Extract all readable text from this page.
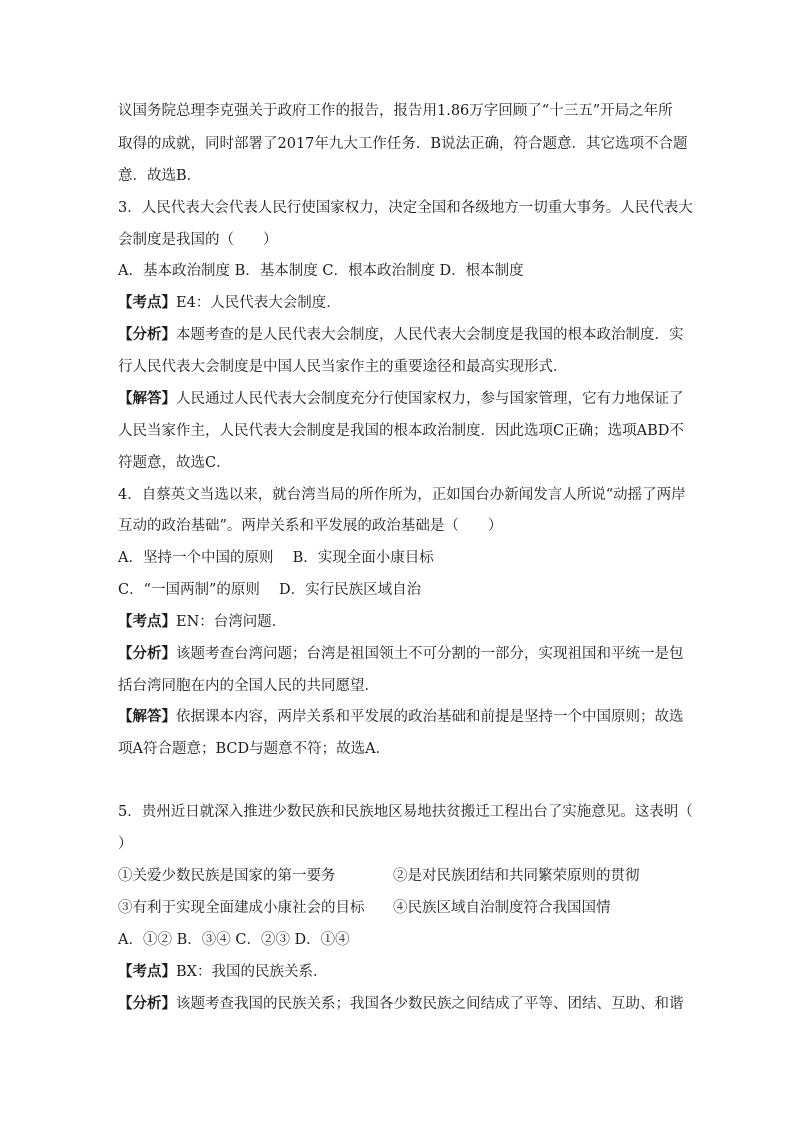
议国务院总理李克强关于政府工作的报告，报告用1.86万字回顾了“十三五”开局之年所
取得的成就，同时部署了2017年九大工作任务．B说法正确，符合题意．其它选项不合题
意．故选B．
3．人民代表大会代表人民行使国家权力，决定全国和各级地方一切重大事务。人民代表大
会制度是我国的（　　）
A．基本政治制度 B．基本制度 C．根本政治制度 D．根本制度
【考点】E4：人民代表大会制度．
【分析】本题考查的是人民代表大会制度，人民代表大会制度是我国的根本政治制度．实
行人民代表大会制度是中国人民当家作主的重要途径和最高实现形式．
【解答】人民通过人民代表大会制度充分行使国家权力，参与国家管理，它有力地保证了
人民当家作主，人民代表大会制度是我国的根本政治制度．因此选项C正确；选项ABD不
符题意，故选C．
4．自蔡英文当选以来，就台湾当局的所作所为，正如国台办新闻发言人所说“动摇了两岸
互动的政治基础”。两岸关系和平发展的政治基础是（　　）
A．坚持一个中国的原则　 B．实现全面小康目标
C．“一国两制”的原则　 D．实行民族区域自治
【考点】EN：台湾问题．
【分析】该题考查台湾问题；台湾是祖国领土不可分割的一部分，实现祖国和平统一是包
括台湾同胞在内的全国人民的共同愿望．
【解答】依据课本内容，两岸关系和平发展的政治基础和前提是坚持一个中国原则；故选
项A符合题意；BCD与题意不符；故选A．
5．贵州近日就深入推进少数民族和民族地区易地扶贫搬迁工程出台了实施意见。这表明（
）
①关爱少数民族是国家的第一要务	②是对民族团结和共同繁荣原则的贯彻
③有利于实现全面建成小康社会的目标 ④民族区域自治制度符合我国国情
A．①② B．③④ C．②③ D．①④
【考点】BX：我国的民族关系．
【分析】该题考查我国的民族关系；我国各少数民族之间结成了平等、团结、互助、和谐
